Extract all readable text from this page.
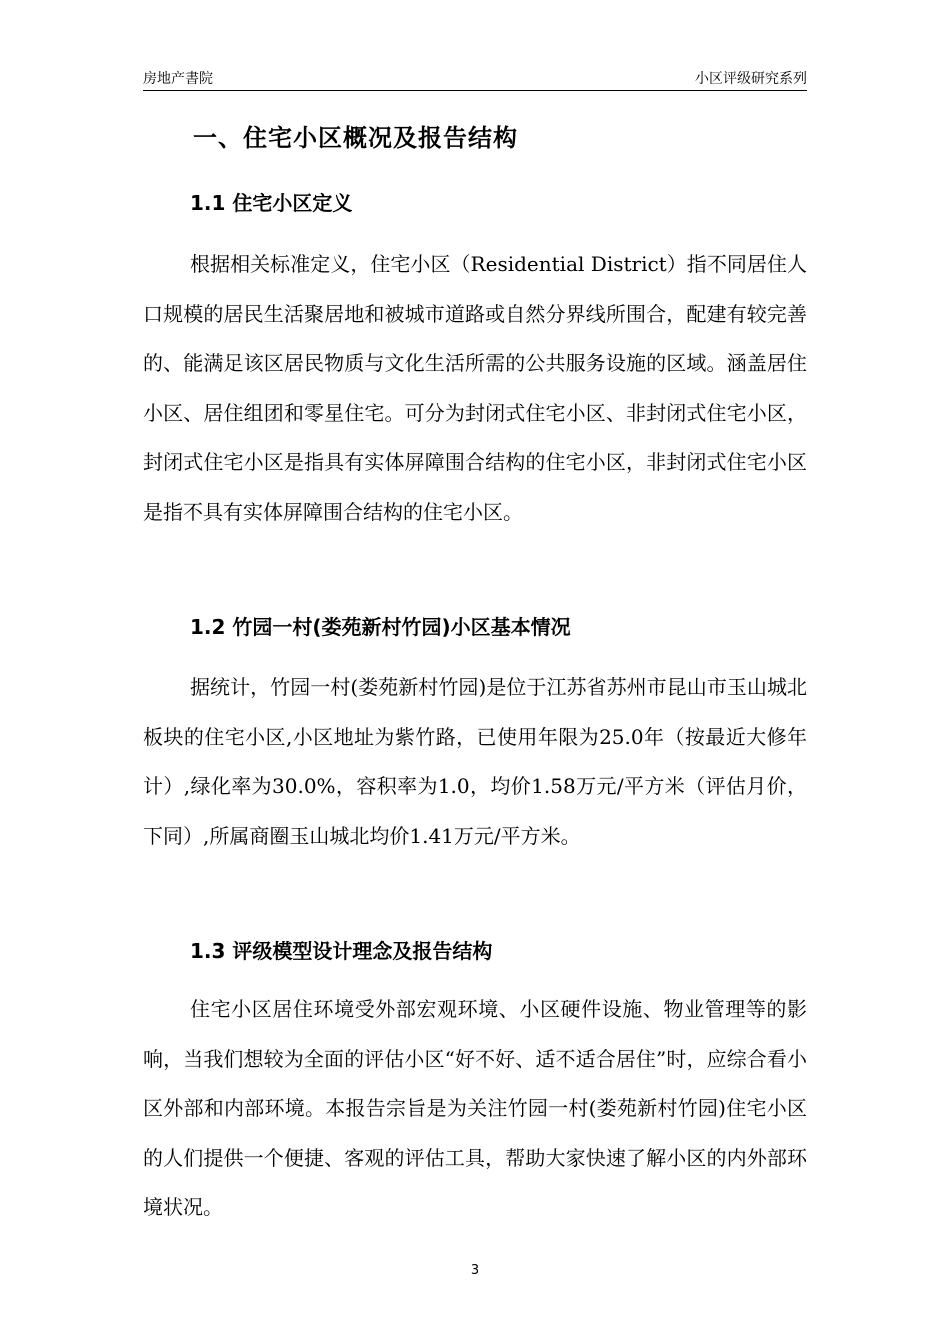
房地产書院	小区评级研究系列
一、住宅小区概况及报告结构
1.1 住宅小区定义

根据相关标准定义，住宅小区（Residential District）指不同居住人口规模的居民生活聚居地和被城市道路或自然分界线所围合，配建有较完善的、能满足该区居民物质与文化生活所需的公共服务设施的区域。涵盖居住小区、居住组团和零星住宅。可分为封闭式住宅小区、非封闭式住宅小区，封闭式住宅小区是指具有实体屏障围合结构的住宅小区，非封闭式住宅小区是指不具有实体屏障围合结构的住宅小区。

1.2 竹园一村(娄苑新村竹园)小区基本情况

据统计，竹园一村(娄苑新村竹园)是位于江苏省苏州市昆山市玉山城北板块的住宅小区,小区地址为紫竹路，已使用年限为25.0年（按最近大修年计）,绿化率为30.0%，容积率为1.0，均价1.58万元/平方米（评估月价，下同）,所属商圈玉山城北均价1.41万元/平方米。

1.3 评级模型设计理念及报告结构

住宅小区居住环境受外部宏观环境、小区硬件设施、物业管理等的影响，当我们想较为全面的评估小区“好不好、适不适合居住”时，应综合看小区外部和内部环境。本报告宗旨是为关注竹园一村(娄苑新村竹园)住宅小区的人们提供一个便捷、客观的评估工具，帮助大家快速了解小区的内外部环境状况。

3
